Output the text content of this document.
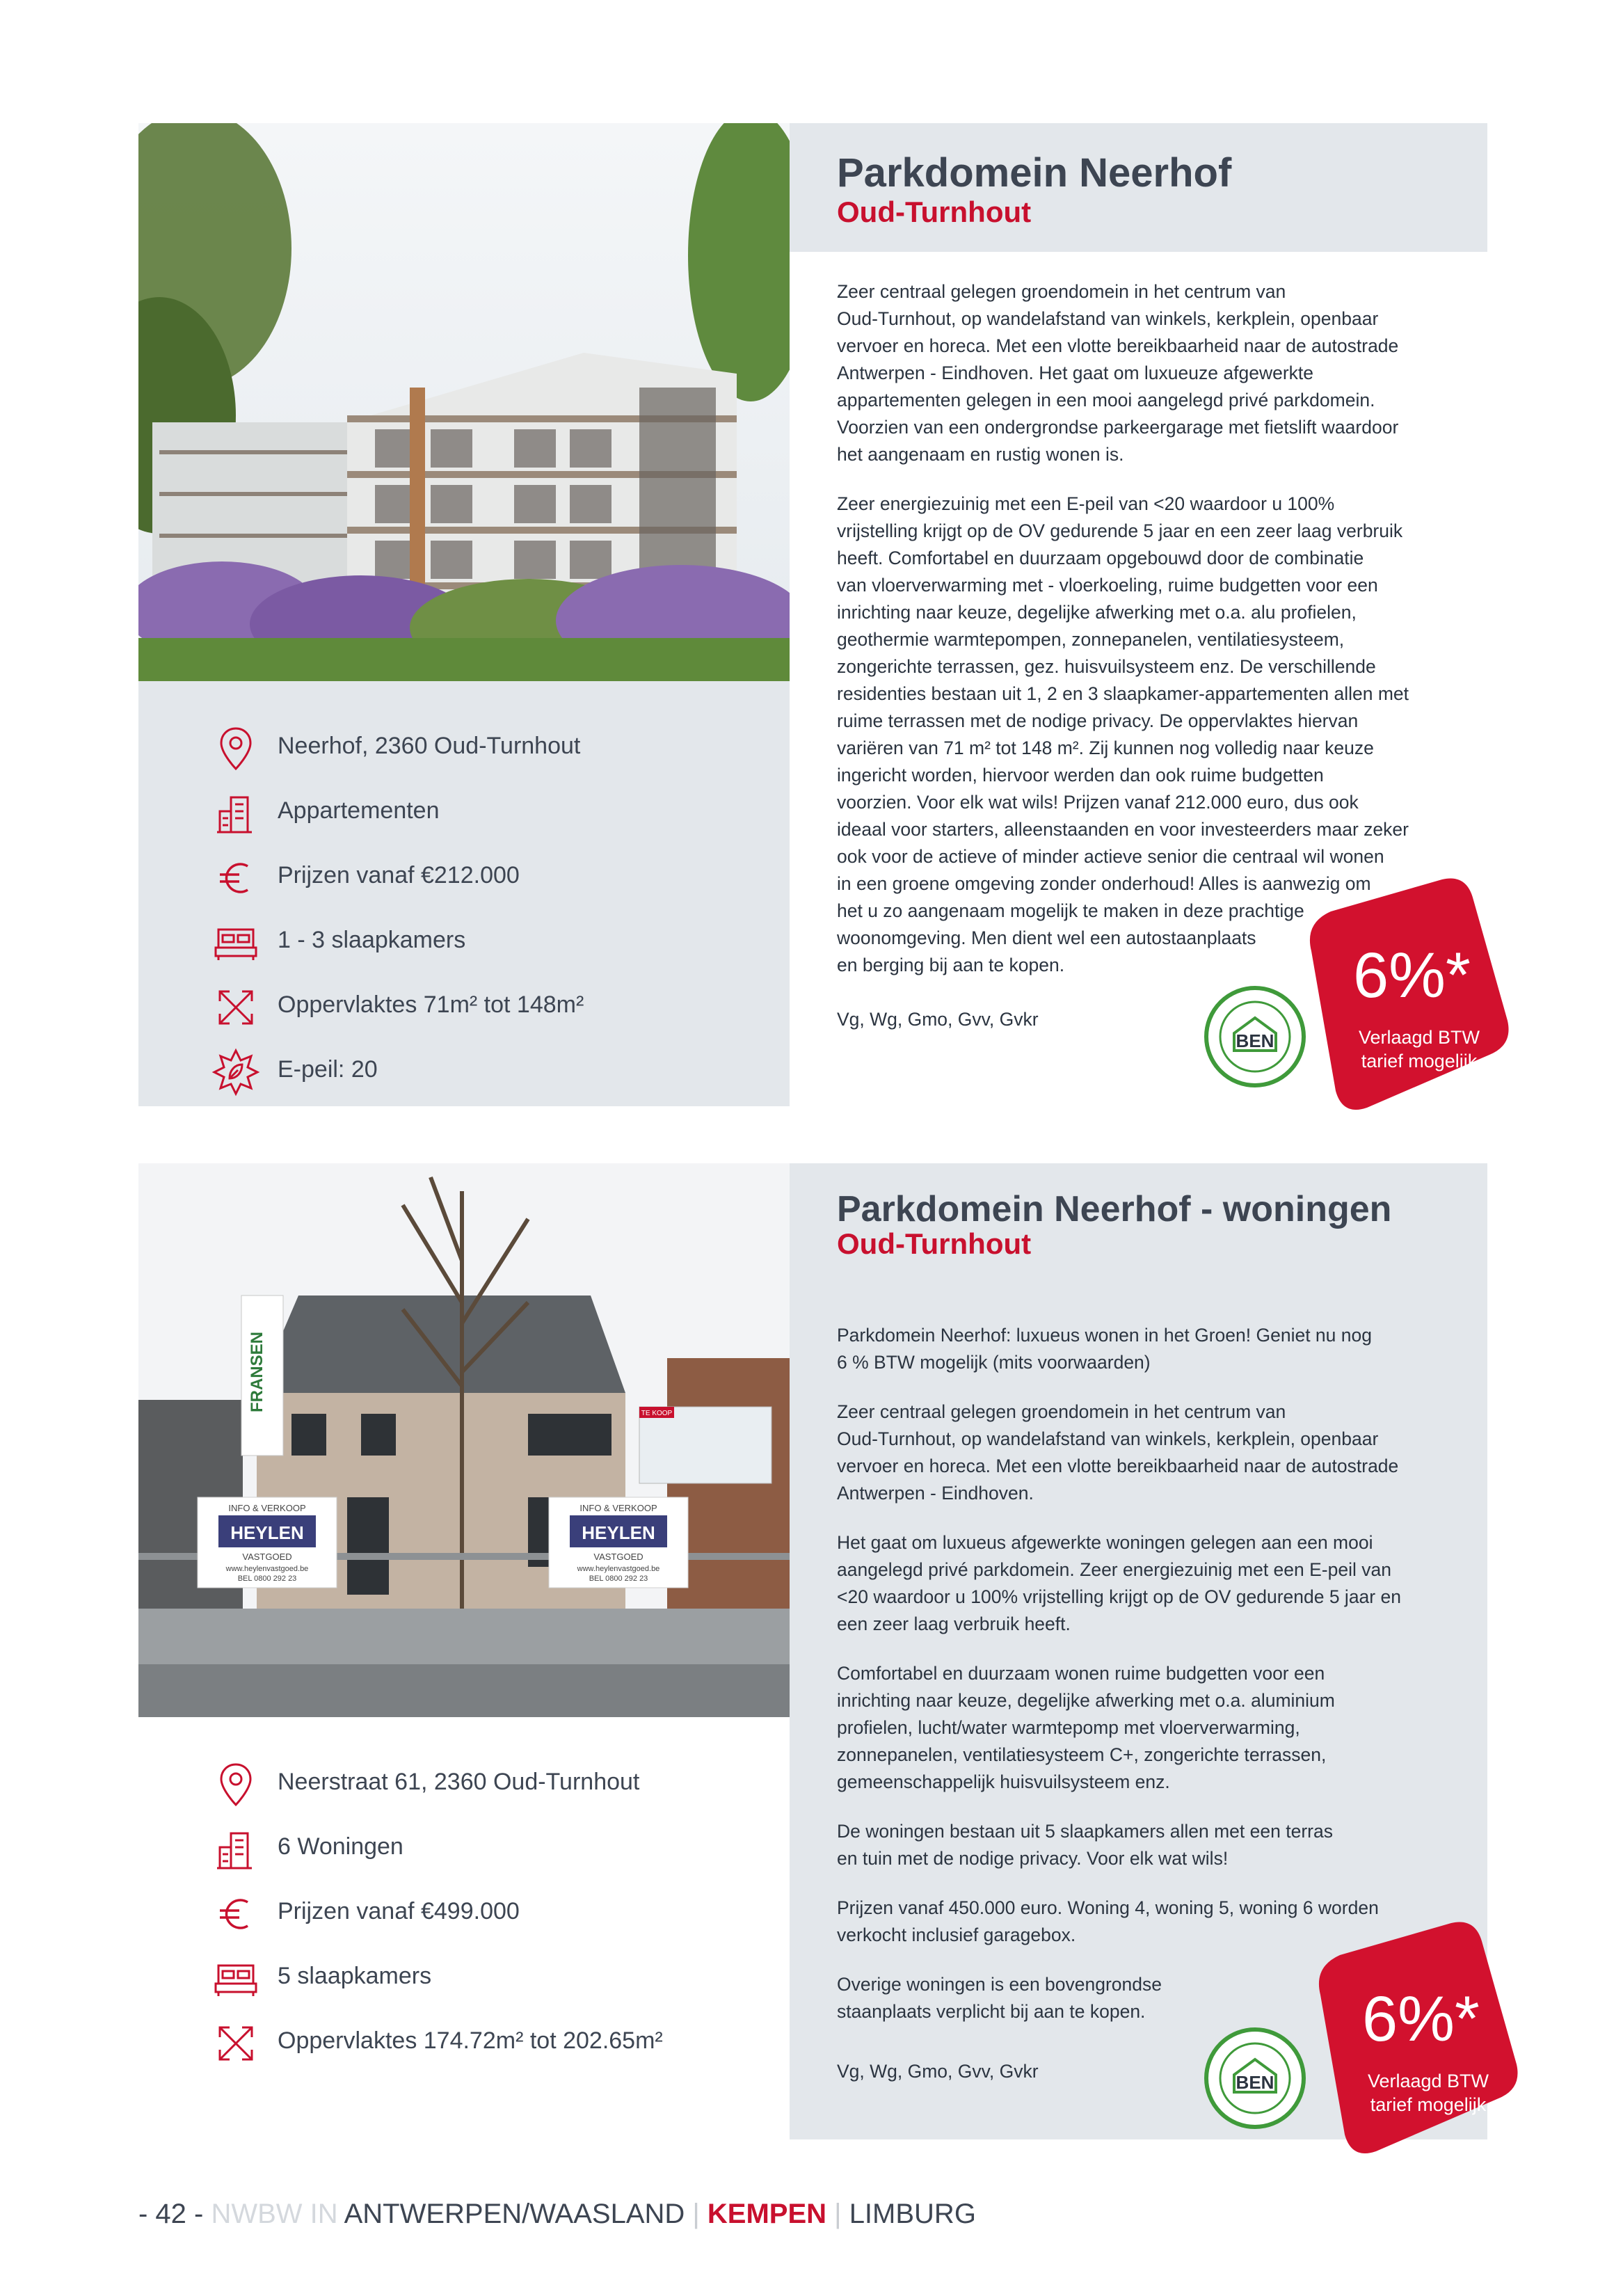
Neerhof, 2360 Oud-Turnhout
Appartementen
Prijzen vanaf €212.000
1 - 3 slaapkamers
Oppervlaktes 71m² tot 148m²
E-peil: 20
Parkdomein Neerhof
Oud-Turnhout

Zeer centraal gelegen groendomein in het centrum van
Oud-Turnhout, op wandelafstand van winkels, kerkplein, openbaar
vervoer en horeca. Met een vlotte bereikbaarheid naar de autostrade
Antwerpen - Eindhoven. Het gaat om luxueuze afgewerkte
appartementen gelegen in een mooi aangelegd privé parkdomein.
Voorzien van een ondergrondse parkeergarage met fietslift waardoor
het aangenaam en rustig wonen is.

Zeer energiezuinig met een E-peil van <20 waardoor u 100%
vrijstelling krijgt op de OV gedurende 5 jaar en een zeer laag verbruik
heeft. Comfortabel en duurzaam opgebouwd door de combinatie
van vloerverwarming met - vloerkoeling, ruime budgetten voor een
inrichting naar keuze, degelijke afwerking met o.a. alu profielen,
geothermie warmtepompen, zonnepanelen, ventilatiesysteem,
zongerichte terrassen, gez. huisvuilsysteem enz. De verschillende
residenties bestaan uit 1, 2 en 3 slaapkamer-appartementen allen met
ruime terrassen met de nodige privacy. De oppervlaktes hiervan
variëren van 71 m² tot 148 m². Zij kunnen nog volledig naar keuze
ingericht worden, hiervoor werden dan ook ruime budgetten
voorzien. Voor elk wat wils! Prijzen vanaf 212.000 euro, dus ook
ideaal voor starters, alleenstaanden en voor investeerders maar zeker
ook voor de actieve of minder actieve senior die centraal wil wonen
in een groene omgeving zonder onderhoud! Alles is aanwezig om
het u zo aangenaam mogelijk te maken in deze prachtige
woonomgeving. Men dient wel een autostaanplaats
en berging bij aan te kopen.

Vg, Wg, Gmo, Gvv, Gvkr
BEN
6%*
Verlaagd BTW tarief mogelijk
FRANSEN
INFO & VERKOOP
HEYLEN
VASTGOED
www.heylenvastgoed.be
BEL 0800 292 23
INFO & VERKOOP
HEYLEN
VASTGOED
www.heylenvastgoed.be
BEL 0800 292 23
TE KOOP
Neerstraat 61, 2360 Oud-Turnhout
6 Woningen
Prijzen vanaf €499.000
5 slaapkamers
Oppervlaktes 174.72m² tot 202.65m²
Parkdomein Neerhof - woningen
Oud-Turnhout

Parkdomein Neerhof: luxueus wonen in het Groen! Geniet nu nog
6 % BTW mogelijk (mits voorwaarden)

Zeer centraal gelegen groendomein in het centrum van
Oud-Turnhout, op wandelafstand van winkels, kerkplein, openbaar
vervoer en horeca. Met een vlotte bereikbaarheid naar de autostrade
Antwerpen - Eindhoven.

Het gaat om luxueus afgewerkte woningen gelegen aan een mooi
aangelegd privé parkdomein. Zeer energiezuinig met een E-peil van
<20 waardoor u 100% vrijstelling krijgt op de OV gedurende 5 jaar en
een zeer laag verbruik heeft.

Comfortabel en duurzaam wonen ruime budgetten voor een
inrichting naar keuze, degelijke afwerking met o.a. aluminium
profielen, lucht/water warmtepomp met vloerverwarming,
zonnepanelen, ventilatiesysteem C+, zongerichte terrassen,
gemeenschappelijk huisvuilsysteem enz.

De woningen bestaan uit 5 slaapkamers allen met een terras
en tuin met de nodige privacy. Voor elk wat wils!

Prijzen vanaf 450.000 euro. Woning 4, woning 5, woning 6 worden
verkocht inclusief garagebox.

Overige woningen is een bovengrondse
staanplaats verplicht bij aan te kopen.

Vg, Wg, Gmo, Gvv, Gvkr
BEN
6%*
Verlaagd BTW tarief mogelijk
- 42 - NWBW IN ANTWERPEN/WAASLAND | KEMPEN | LIMBURG
